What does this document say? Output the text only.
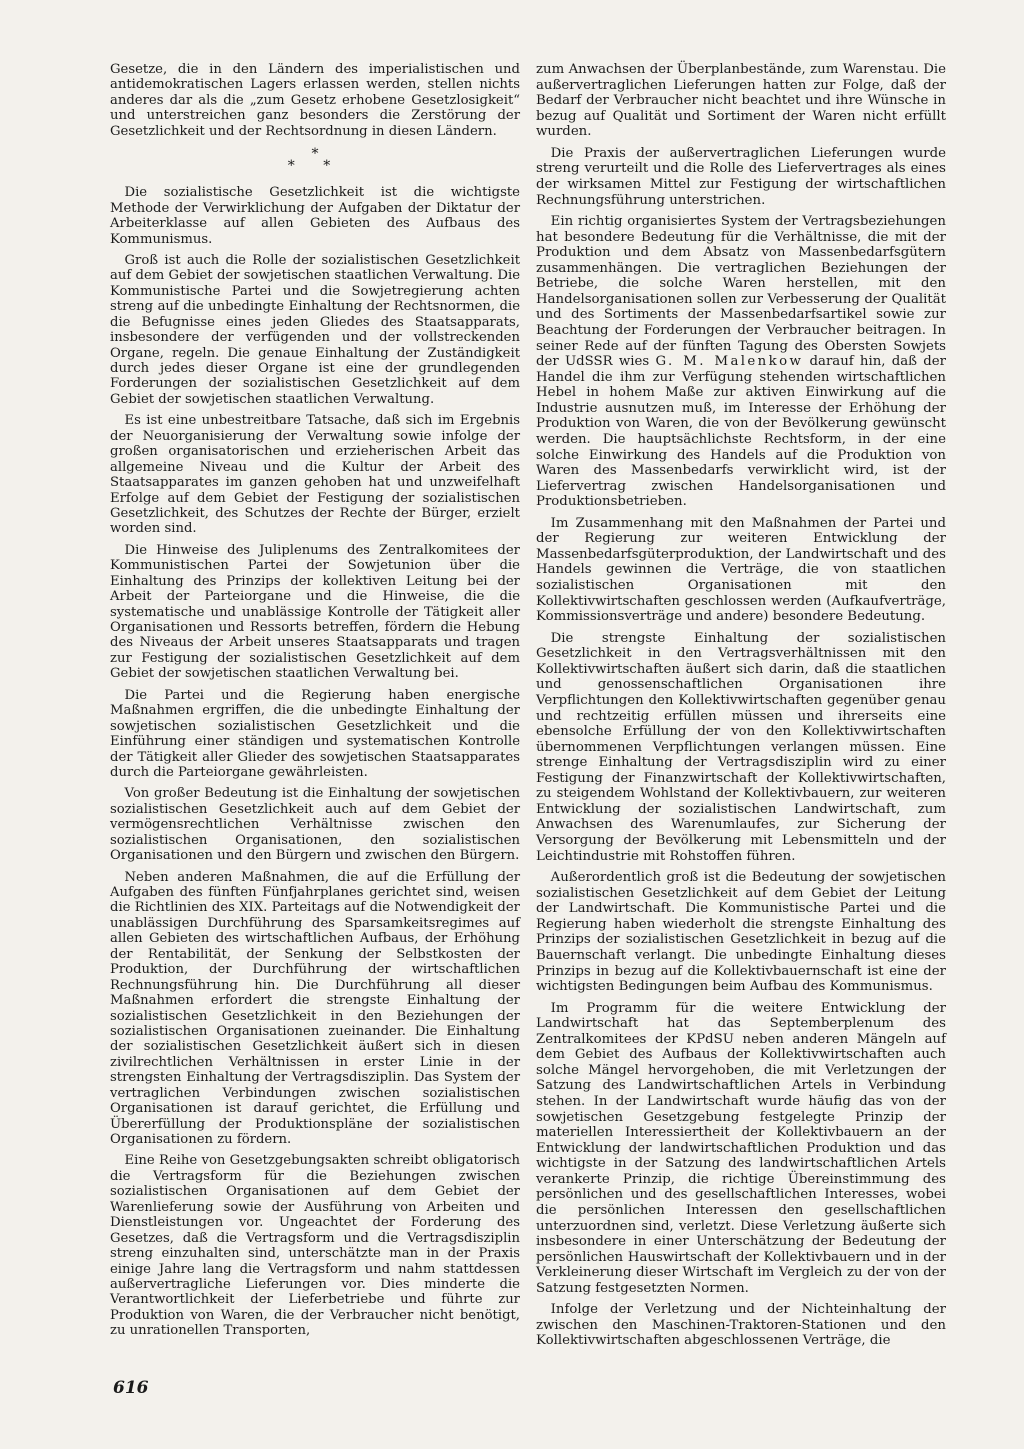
Gesetze, die in den Ländern des imperialistischen und antidemokratischen Lagers erlassen werden, stellen nichts anderes dar als die „zum Gesetz erhobene Gesetzlosigkeit“ und unterstreichen ganz besonders die Zerstörung der Gesetzlichkeit und der Rechtsordnung in diesen Ländern.

*
* *

Die sozialistische Gesetzlichkeit ist die wichtigste Methode der Verwirklichung der Aufgaben der Diktatur der Arbeiterklasse auf allen Gebieten des Aufbaus des Kommunismus.

Groß ist auch die Rolle der sozialistischen Gesetzlichkeit auf dem Gebiet der sowjetischen staatlichen Verwaltung. Die Kommunistische Partei und die Sowjetregierung achten streng auf die unbedingte Einhaltung der Rechtsnormen, die die Befugnisse eines jeden Gliedes des Staatsapparats, insbesondere der verfügenden und der vollstreckenden Organe, regeln. Die genaue Einhaltung der Zuständigkeit durch jedes dieser Organe ist eine der grundlegenden Forderungen der sozialistischen Gesetzlichkeit auf dem Gebiet der sowjetischen staatlichen Verwaltung.

Es ist eine unbestreitbare Tatsache, daß sich im Ergebnis der Neuorganisierung der Verwaltung sowie infolge der großen organisatorischen und erzieherischen Arbeit das allgemeine Niveau und die Kultur der Arbeit des Staatsapparates im ganzen gehoben hat und unzweifelhaft Erfolge auf dem Gebiet der Festigung der sozialistischen Gesetzlichkeit, des Schutzes der Rechte der Bürger, erzielt worden sind.

Die Hinweise des Juliplenums des Zentralkomitees der Kommunistischen Partei der Sowjetunion über die Einhaltung des Prinzips der kollektiven Leitung bei der Arbeit der Parteiorgane und die Hinweise, die die systematische und unablässige Kontrolle der Tätigkeit aller Organisationen und Ressorts betreffen, fördern die Hebung des Niveaus der Arbeit unseres Staatsapparats und tragen zur Festigung der sozialistischen Gesetzlichkeit auf dem Gebiet der sowjetischen staatlichen Verwaltung bei.

Die Partei und die Regierung haben energische Maßnahmen ergriffen, die die unbedingte Einhaltung der sowjetischen sozialistischen Gesetzlichkeit und die Einführung einer ständigen und systematischen Kontrolle der Tätigkeit aller Glieder des sowjetischen Staatsapparates durch die Parteiorgane gewährleisten.

Von großer Bedeutung ist die Einhaltung der sowjetischen sozialistischen Gesetzlichkeit auch auf dem Gebiet der vermögensrechtlichen Verhältnisse zwischen den sozialistischen Organisationen, den sozialistischen Organisationen und den Bürgern und zwischen den Bürgern.

Neben anderen Maßnahmen, die auf die Erfüllung der Aufgaben des fünften Fünfjahrplanes gerichtet sind, weisen die Richtlinien des XIX. Parteitags auf die Notwendigkeit der unablässigen Durchführung des Sparsamkeitsregimes auf allen Gebieten des wirtschaftlichen Aufbaus, der Erhöhung der Rentabilität, der Senkung der Selbstkosten der Produktion, der Durchführung der wirtschaftlichen Rechnungsführung hin. Die Durchführung all dieser Maßnahmen erfordert die strengste Einhaltung der sozialistischen Gesetzlichkeit in den Beziehungen der sozialistischen Organisationen zueinander. Die Einhaltung der sozialistischen Gesetzlichkeit äußert sich in diesen zivilrechtlichen Verhältnissen in erster Linie in der strengsten Einhaltung der Vertragsdisziplin. Das System der vertraglichen Verbindungen zwischen sozialistischen Organisationen ist darauf gerichtet, die Erfüllung und Übererfüllung der Produktionspläne der sozialistischen Organisationen zu fördern.

Eine Reihe von Gesetzgebungsakten schreibt obligatorisch die Vertragsform für die Beziehungen zwischen sozialistischen Organisationen auf dem Gebiet der Warenlieferung sowie der Ausführung von Arbeiten und Dienstleistungen vor. Ungeachtet der Forderung des Gesetzes, daß die Vertragsform und die Vertragsdisziplin streng einzuhalten sind, unterschätzte man in der Praxis einige Jahre lang die Vertragsform und nahm stattdessen außervertragliche Lieferungen vor. Dies minderte die Verantwortlichkeit der Lieferbetriebe und führte zur Produktion von Waren, die der Verbraucher nicht benötigt, zu unrationellen Transporten,

zum Anwachsen der Überplanbestände, zum Warenstau. Die außervertraglichen Lieferungen hatten zur Folge, daß der Bedarf der Verbraucher nicht beachtet und ihre Wünsche in bezug auf Qualität und Sortiment der Waren nicht erfüllt wurden.

Die Praxis der außervertraglichen Lieferungen wurde streng verurteilt und die Rolle des Liefervertrages als eines der wirksamen Mittel zur Festigung der wirtschaftlichen Rechnungsführung unterstrichen.

Ein richtig organisiertes System der Vertragsbeziehungen hat besondere Bedeutung für die Verhältnisse, die mit der Produktion und dem Absatz von Massenbedarfsgütern zusammenhängen. Die vertraglichen Beziehungen der Betriebe, die solche Waren herstellen, mit den Handelsorganisationen sollen zur Verbesserung der Qualität und des Sortiments der Massenbedarfsartikel sowie zur Beachtung der Forderungen der Verbraucher beitragen. In seiner Rede auf der fünften Tagung des Obersten Sowjets der UdSSR wies G. M. Malenkow darauf hin, daß der Handel die ihm zur Verfügung stehenden wirtschaftlichen Hebel in hohem Maße zur aktiven Einwirkung auf die Industrie ausnutzen muß, im Interesse der Erhöhung der Produktion von Waren, die von der Bevölkerung gewünscht werden. Die hauptsächlichste Rechtsform, in der eine solche Einwirkung des Handels auf die Produktion von Waren des Massenbedarfs verwirklicht wird, ist der Liefervertrag zwischen Handelsorganisationen und Produktionsbetrieben.

Im Zusammenhang mit den Maßnahmen der Partei und der Regierung zur weiteren Entwicklung der Massenbedarfsgüterproduktion, der Landwirtschaft und des Handels gewinnen die Verträge, die von staatlichen sozialistischen Organisationen mit den Kollektivwirtschaften geschlossen werden (Aufkaufverträge, Kommissionsverträge und andere) besondere Bedeutung.

Die strengste Einhaltung der sozialistischen Gesetzlichkeit in den Vertragsverhältnissen mit den Kollektivwirtschaften äußert sich darin, daß die staatlichen und genossenschaftlichen Organisationen ihre Verpflichtungen den Kollektivwirtschaften gegenüber genau und rechtzeitig erfüllen müssen und ihrerseits eine ebensolche Erfüllung der von den Kollektivwirtschaften übernommenen Verpflichtungen verlangen müssen. Eine strenge Einhaltung der Vertragsdisziplin wird zu einer Festigung der Finanzwirtschaft der Kollektivwirtschaften, zu steigendem Wohlstand der Kollektivbauern, zur weiteren Entwicklung der sozialistischen Landwirtschaft, zum Anwachsen des Warenumlaufes, zur Sicherung der Versorgung der Bevölkerung mit Lebensmitteln und der Leichtindustrie mit Rohstoffen führen.

Außerordentlich groß ist die Bedeutung der sowjetischen sozialistischen Gesetzlichkeit auf dem Gebiet der Leitung der Landwirtschaft. Die Kommunistische Partei und die Regierung haben wiederholt die strengste Einhaltung des Prinzips der sozialistischen Gesetzlichkeit in bezug auf die Bauernschaft verlangt. Die unbedingte Einhaltung dieses Prinzips in bezug auf die Kollektivbauernschaft ist eine der wichtigsten Bedingungen beim Aufbau des Kommunismus.

Im Programm für die weitere Entwicklung der Landwirtschaft hat das Septemberplenum des Zentralkomitees der KPdSU neben anderen Mängeln auf dem Gebiet des Aufbaus der Kollektivwirtschaften auch solche Mängel hervorgehoben, die mit Verletzungen der Satzung des Landwirtschaftlichen Artels in Verbindung stehen. In der Landwirtschaft wurde häufig das von der sowjetischen Gesetzgebung festgelegte Prinzip der materiellen Interessiertheit der Kollektivbauern an der Entwicklung der landwirtschaftlichen Produktion und das wichtigste in der Satzung des landwirtschaftlichen Artels verankerte Prinzip, die richtige Übereinstimmung des persönlichen und des gesellschaftlichen Interesses, wobei die persönlichen Interessen den gesellschaftlichen unterzuordnen sind, verletzt. Diese Verletzung äußerte sich insbesondere in einer Unterschätzung der Bedeutung der persönlichen Hauswirtschaft der Kollektivbauern und in der Verkleinerung dieser Wirtschaft im Vergleich zu der von der Satzung festgesetzten Normen.

Infolge der Verletzung und der Nichteinhaltung der zwischen den Maschinen-Traktoren-Stationen und den Kollektivwirtschaften abgeschlossenen Verträge, die

616
